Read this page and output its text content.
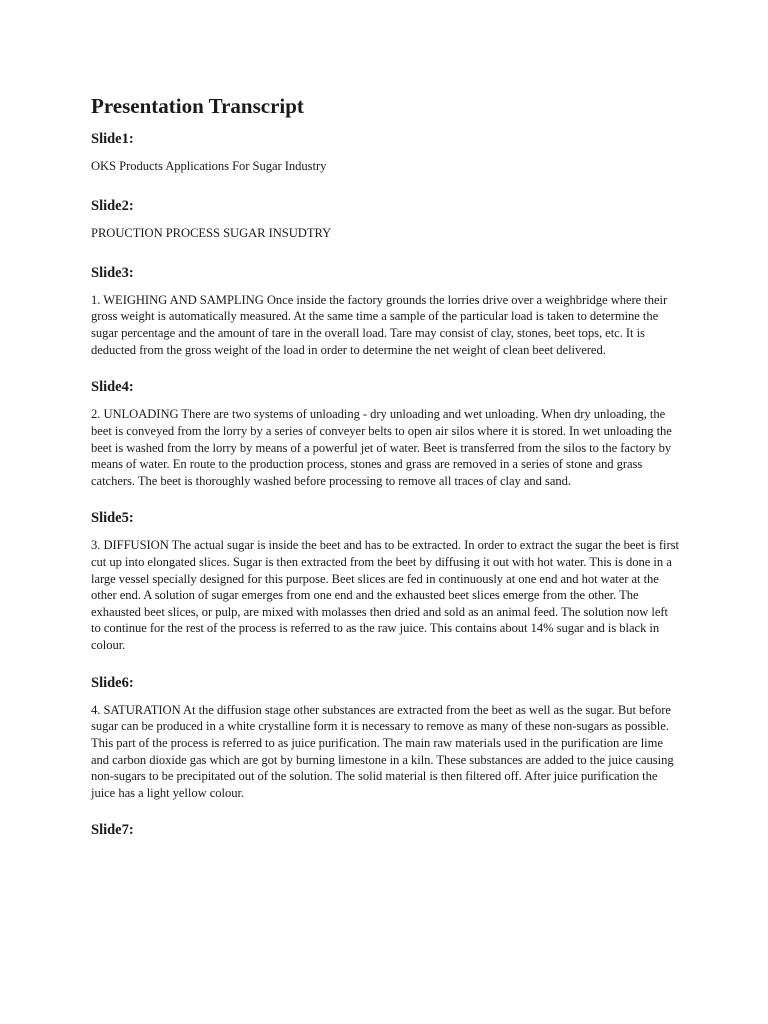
Presentation Transcript
Slide1:

OKS Products Applications For Sugar Industry

Slide2:

PROUCTION PROCESS SUGAR INSUDTRY

Slide3:

1. WEIGHING AND SAMPLING Once inside the factory grounds the lorries drive over a weighbridge where their gross weight is automatically measured. At the same time a sample of the particular load is taken to determine the sugar percentage and the amount of tare in the overall load. Tare may consist of clay, stones, beet tops, etc. It is deducted from the gross weight of the load in order to determine the net weight of clean beet delivered.

Slide4:

2. UNLOADING There are two systems of unloading - dry unloading and wet unloading. When dry unloading, the beet is conveyed from the lorry by a series of conveyer belts to open air silos where it is stored. In wet unloading the beet is washed from the lorry by means of a powerful jet of water. Beet is transferred from the silos to the factory by means of water. En route to the production process, stones and grass are removed in a series of stone and grass catchers. The beet is thoroughly washed before processing to remove all traces of clay and sand.

Slide5:

3. DIFFUSION The actual sugar is inside the beet and has to be extracted. In order to extract the sugar the beet is first cut up into elongated slices. Sugar is then extracted from the beet by diffusing it out with hot water. This is done in a large vessel specially designed for this purpose. Beet slices are fed in continuously at one end and hot water at the other end. A solution of sugar emerges from one end and the exhausted beet slices emerge from the other. The exhausted beet slices, or pulp, are mixed with molasses then dried and sold as an animal feed. The solution now left to continue for the rest of the process is referred to as the raw juice. This contains about 14% sugar and is black in colour.

Slide6:

4. SATURATION At the diffusion stage other substances are extracted from the beet as well as the sugar. But before sugar can be produced in a white crystalline form it is necessary to remove as many of these non-sugars as possible. This part of the process is referred to as juice purification. The main raw materials used in the purification are lime and carbon dioxide gas which are got by burning limestone in a kiln. These substances are added to the juice causing non-sugars to be precipitated out of the solution. The solid material is then filtered off. After juice purification the juice has a light yellow colour.

Slide7:
